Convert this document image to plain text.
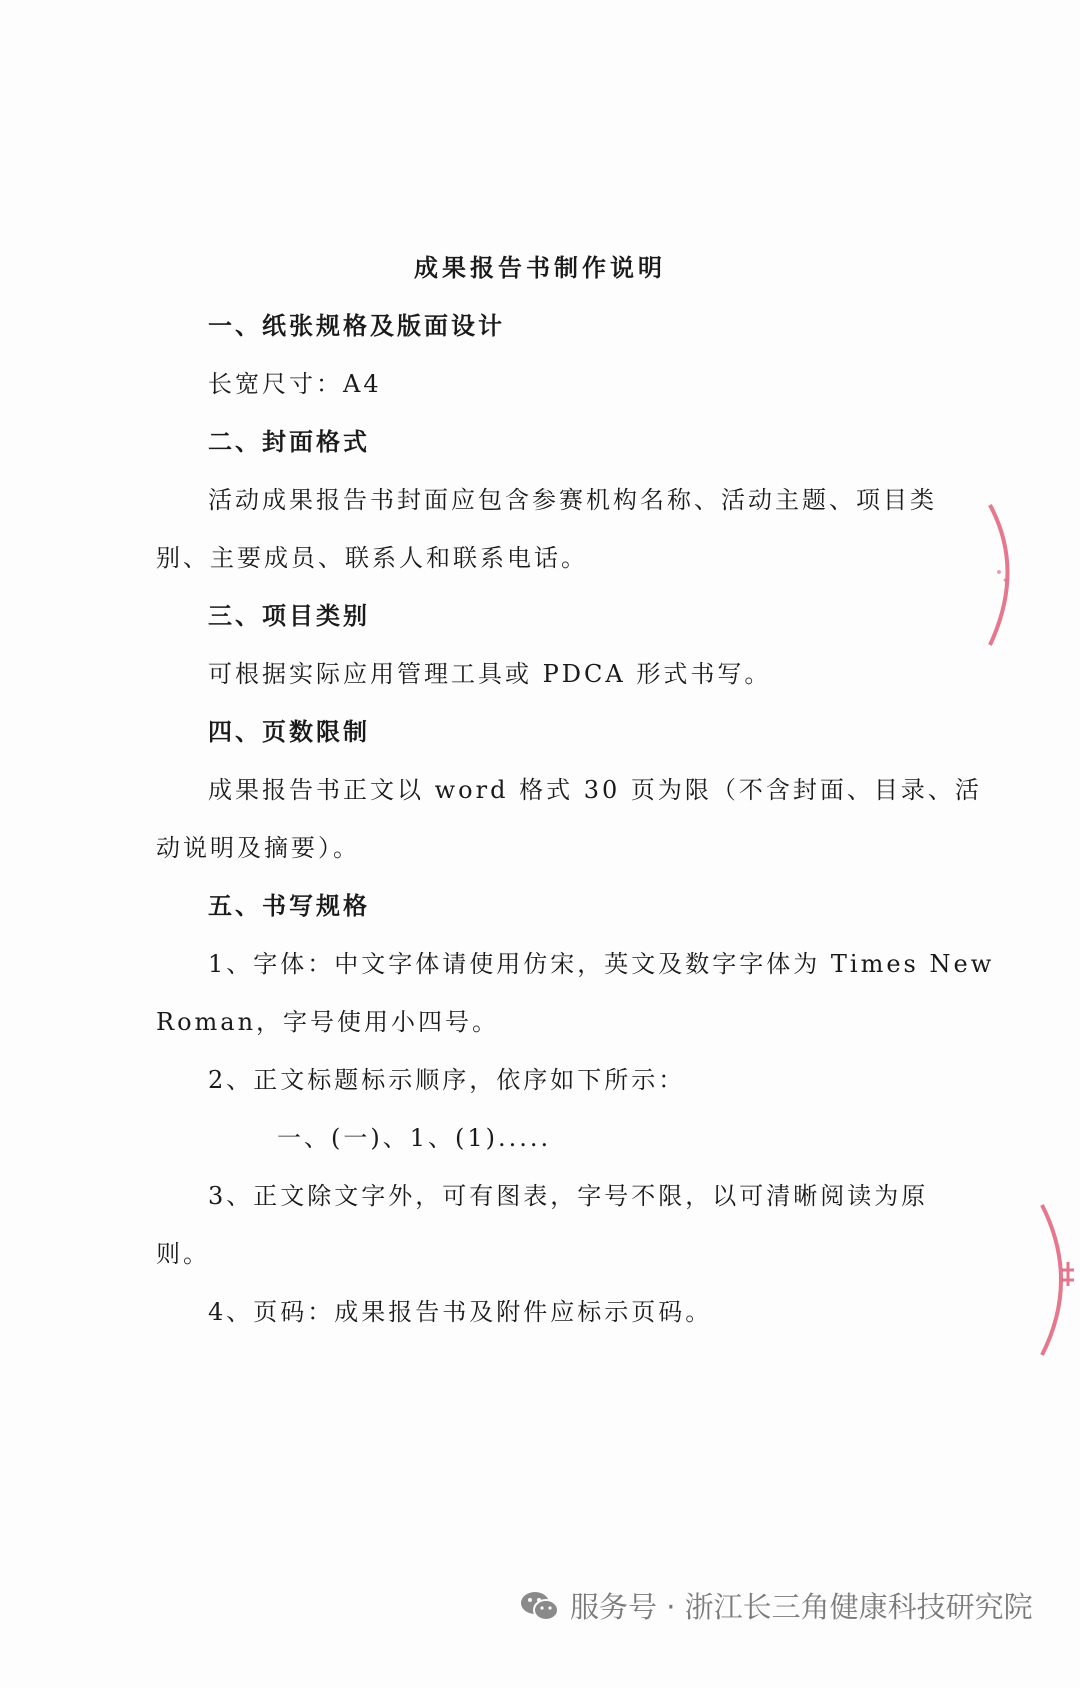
成果报告书制作说明
一、纸张规格及版面设计
长宽尺寸：A4
二、封面格式
活动成果报告书封面应包含参赛机构名称、活动主题、项目类
别、主要成员、联系人和联系电话。
三、项目类别
可根据实际应用管理工具或 PDCA 形式书写。
四、页数限制
成果报告书正文以 word 格式 30 页为限（不含封面、目录、活
动说明及摘要）。
五、书写规格
1、字体：中文字体请使用仿宋，英文及数字字体为 Times New
Roman，字号使用小四号。
2、正文标题标示顺序，依序如下所示：
一、(一)、1、(1).....
3、正文除文字外，可有图表，字号不限，以可清晰阅读为原
则。
4、页码：成果报告书及附件应标示页码。
服务号 · 浙江长三角健康科技研究院
